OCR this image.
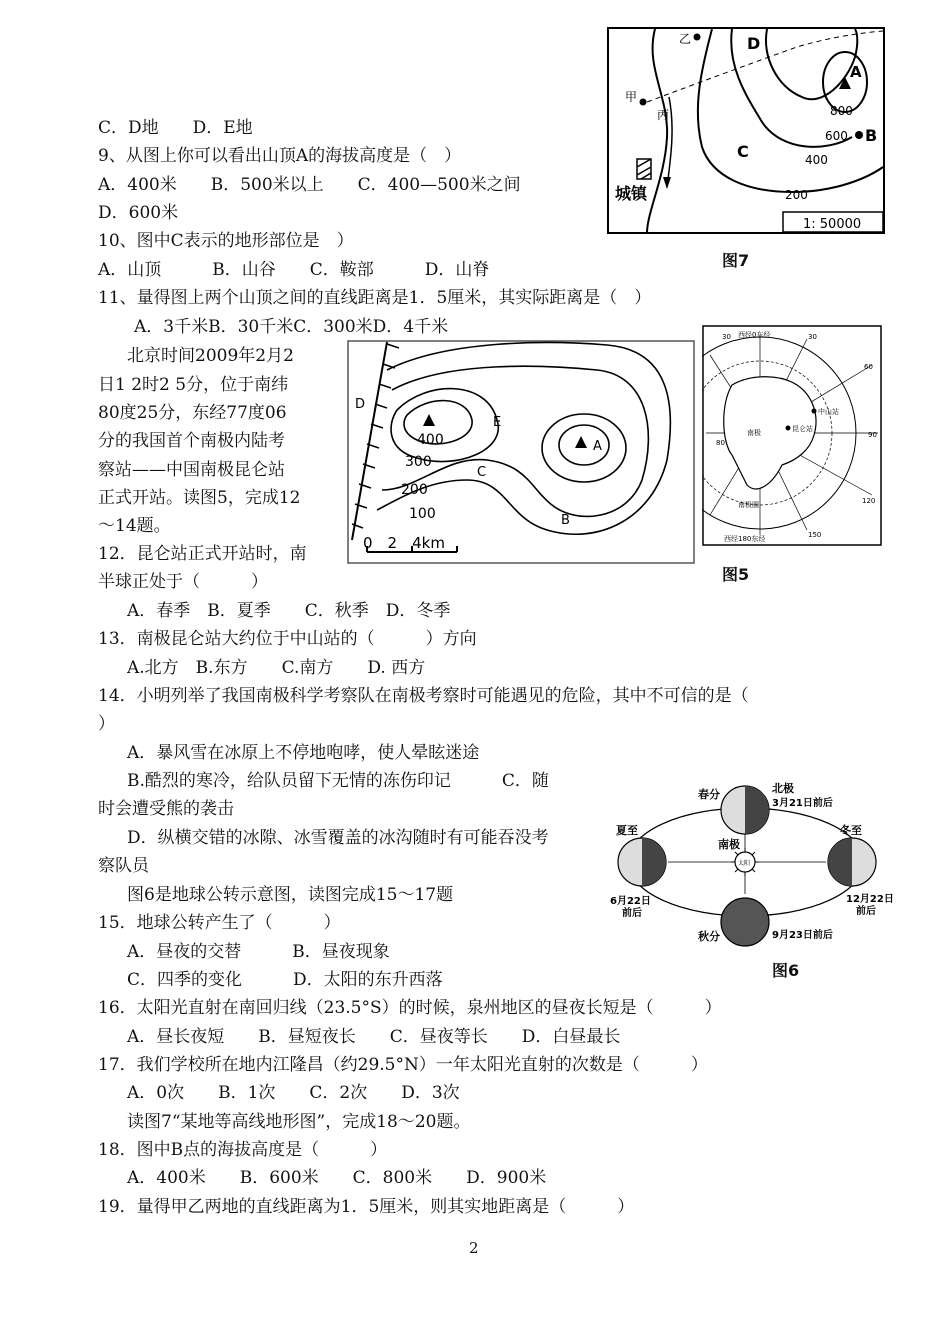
C．D地　　D．E地
9、从图上你可以看出山顶A的海拔高度是（　）
A．400米　　B．500米以上　　C．400—500米之间
D．600米
10、图中C表示的地形部位是　）
A．山顶　　　B．山谷　　C．鞍部　　　D．山脊
11、量得图上两个山顶之间的直线距离是1．5厘米，其实际距离是（　）
A．3千米B．30千米C．300米D．4千米
北京时间2009年2月2
日1 2时2 5分，位于南纬
80度25分，东经77度06
分的我国首个南极内陆考
察站——中国南极昆仑站
正式开站。读图5，完成12
～14题。
12．昆仑站正式开站时，南
半球正处于（　　　）
A．春季　B．夏季　　C．秋季　D．冬季
13．南极昆仑站大约位于中山站的（　　　）方向
A.北方　B.东方　　C.南方　　D. 西方
14．小明列举了我国南极科学考察队在南极考察时可能遇见的危险，其中不可信的是（
）
A．暴风雪在冰原上不停地咆哮，使人晕眩迷途
B.酷烈的寒冷，给队员留下无情的冻伤印记　　　C．随
时会遭受熊的袭击
D．纵横交错的冰隙、冰雪覆盖的冰沟随时有可能吞没考
察队员
图6是地球公转示意图，读图完成15～17题
15．地球公转产生了（　　　）
A．昼夜的交替　　　B．昼夜现象
C．四季的变化　　　D．太阳的东升西落
16．太阳光直射在南回归线（23.5°S）的时候，泉州地区的昼夜长短是（　　　）
A．昼长夜短　　B．昼短夜长　　C．昼夜等长　　D．白昼最长
17．我们学校所在地内江隆昌（约29.5°N）一年太阳光直射的次数是（　　　）
A．0次　　B．1次　　C．2次　　D．3次
读图7“某地等高线地形图”，完成18～20题。
18．图中B点的海拔高度是（　　　）
A．400米　　B．600米　　C．800米　　D．900米
19．量得甲乙两地的直线距离为1．5厘米，则其实地距离是（　　　）
2
乙
甲
丙
D
A
B
C
城镇
800
600
400
200
1: 50000
图7
D
E
A
B
C
400
300
200
100
0　2　4km
西经0东经
西经180东经
南极圈
南极
中山站
昆仑站
30	30
60
90
120
150
80
图5
太阳
春分
夏至	冬至
秋分
北极
南极
3月21日前后
6月22日
前后
12月22日
前后
9月23日前后
图6
